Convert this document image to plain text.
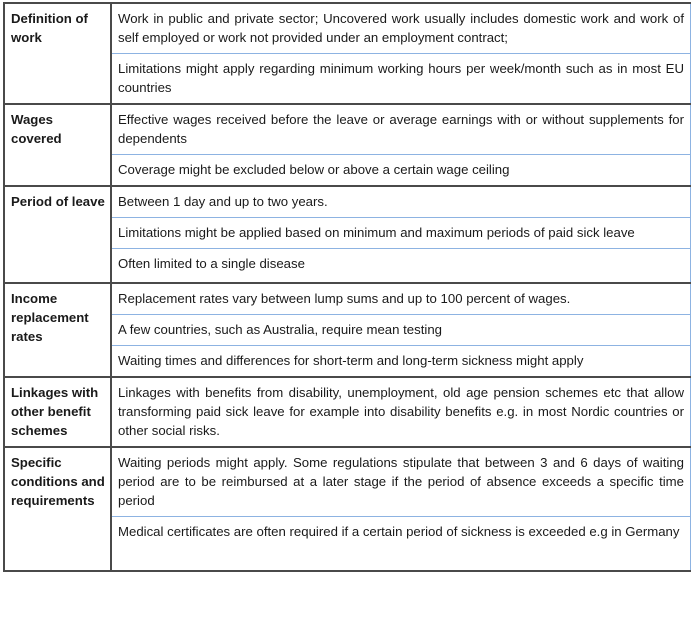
Definition of work	Work in public and private sector; Uncovered work usually includes domestic work and work of self employed or work not provided under an employment contract;
	Limitations might apply regarding minimum working hours per week/month such as in most EU countries
Wages covered	Effective wages received before the leave or average earnings with or without supplements for dependents
	Coverage might be excluded below or above a certain wage ceiling
Period of leave	Between 1 day and up to two years.
	Limitations might be applied based on minimum and maximum periods of paid sick leave
	Often limited to a single disease
Income replacement rates	Replacement rates vary between lump sums and up to 100 percent of wages.
	A few countries, such as Australia, require mean testing
	Waiting times and differences for short-term and long-term sickness might apply
Linkages with other benefit schemes	Linkages with benefits from disability, unemployment, old age pension schemes etc that allow transforming paid sick leave for example into disability benefits e.g. in most Nordic countries or other social risks.
Specific conditions and requirements	Waiting periods might apply. Some regulations stipulate that between 3 and 6 days of waiting period are to be reimbursed at a later stage if the period of absence exceeds a specific time period
	Medical certificates are often required if a certain period of sickness is exceeded e.g in Germany
